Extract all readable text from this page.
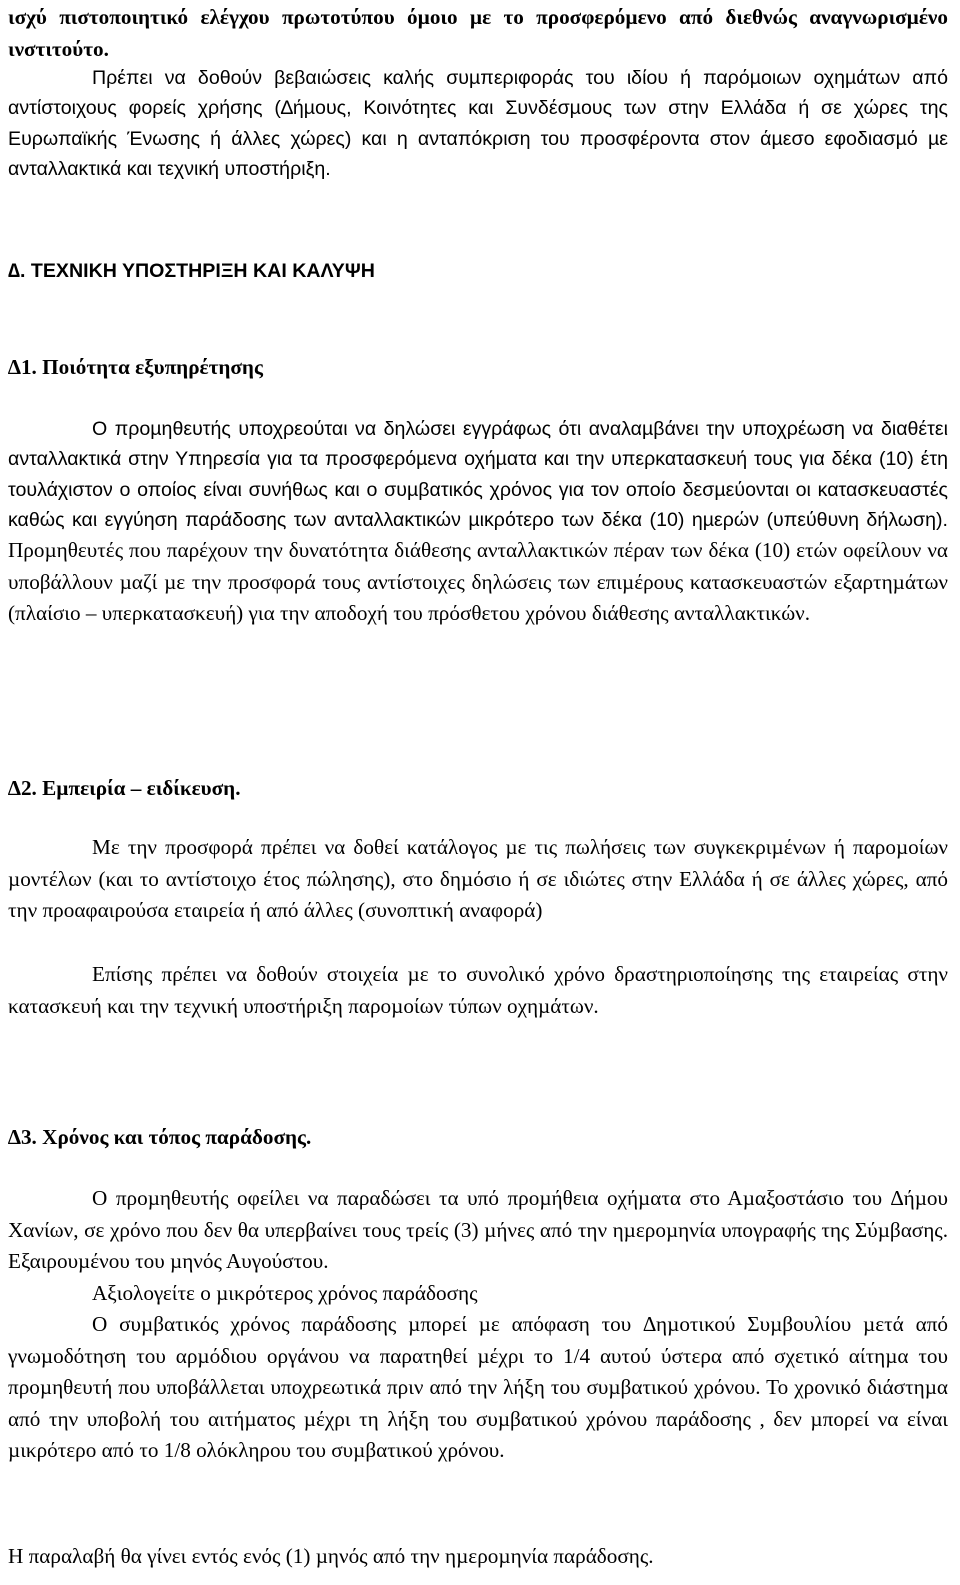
ισχύ πιστοποιητικό ελέγχου πρωτοτύπου όµοιο µε το προσφερόµενο από διεθνώς αναγνωρισµένο ινστιτούτο.

Πρέπει να δοθούν βεβαιώσεις καλής συµπεριφοράς του ιδίου ή παρόµοιων οχηµάτων από αντίστοιχους φορείς χρήσης (∆ήµους, Κοινότητες και Συνδέσµους των στην Ελλάδα ή σε χώρες της Ευρωπαϊκής Ένωσης ή άλλες χώρες) και η ανταπόκριση του προσφέροντα στον άµεσο εφοδιασµό µε ανταλλακτικά και τεχνική υποστήριξη.

∆. ΤΕΧΝΙΚΗ ΥΠΟΣΤΗΡΙΞΗ ΚΑΙ ΚΑΛΥΨΗ

∆1. Ποιότητα εξυπηρέτησης

Ο προµηθευτής υποχρεούται να δηλώσει εγγράφως ότι αναλαµβάνει την υποχρέωση να διαθέτει ανταλλακτικά στην Υπηρεσία για τα προσφερόµενα οχήµατα και την υπερκατασκευή τους για δέκα (10) έτη τουλάχιστον ο οποίος είναι συνήθως και ο συµβατικός χρόνος για τον οποίο δεσµεύονται οι κατασκευαστές καθώς και εγγύηση παράδοσης των ανταλλακτικών µικρότερο των δέκα (10) ηµερών (υπεύθυνη δήλωση). Προµηθευτές που παρέχουν την δυνατότητα διάθεσης ανταλλακτικών πέραν των δέκα (10) ετών οφείλουν να υποβάλλουν µαζί µε την προσφορά τους αντίστοιχες δηλώσεις των επιµέρους κατασκευαστών εξαρτηµάτων (πλαίσιο – υπερκατασκευή) για την αποδοχή του πρόσθετου χρόνου διάθεσης ανταλλακτικών.

∆2. Εµπειρία – ειδίκευση.

Με την προσφορά πρέπει να δοθεί κατάλογος µε τις πωλήσεις των συγκεκριµένων ή παροµοίων µοντέλων (και το αντίστοιχο έτος πώλησης), στο δηµόσιο ή σε ιδιώτες στην Ελλάδα ή σε άλλες χώρες, από την προαφαιρούσα εταιρεία ή από άλλες (συνοπτική αναφορά)

Επίσης πρέπει να δοθούν στοιχεία µε το συνολικό χρόνο δραστηριοποίησης της εταιρείας στην κατασκευή και την τεχνική υποστήριξη παροµοίων τύπων οχηµάτων.

∆3. Χρόνος και τόπος παράδοσης.

Ο προµηθευτής οφείλει να παραδώσει τα υπό προµήθεια οχήµατα στο Αµαξοστάσιο του ∆ήµου Χανίων, σε χρόνο που δεν θα υπερβαίνει τους τρείς (3) µήνες από την ηµεροµηνία υπογραφής της Σύµβασης. Εξαιρουµένου του µηνός Αυγούστου.

Αξιολογείτε ο µικρότερος χρόνος παράδοσης

Ο συµβατικός χρόνος παράδοσης µπορεί µε απόφαση του ∆ηµοτικού Συµβουλίου µετά από γνωµοδότηση του αρµόδιου οργάνου να παρατηθεί µέχρι το 1/4 αυτού ύστερα από σχετικό αίτηµα του προµηθευτή που υποβάλλεται υποχρεωτικά πριν από την λήξη του συµβατικού χρόνου. Το χρονικό διάστηµα από την υποβολή του αιτήµατος µέχρι τη λήξη του συµβατικού χρόνου παράδοσης , δεν µπορεί να είναι µικρότερο από το 1/8 ολόκληρου του συµβατικού χρόνου.

Η παραλαβή θα γίνει εντός ενός (1) µηνός από την ηµεροµηνία παράδοσης.
